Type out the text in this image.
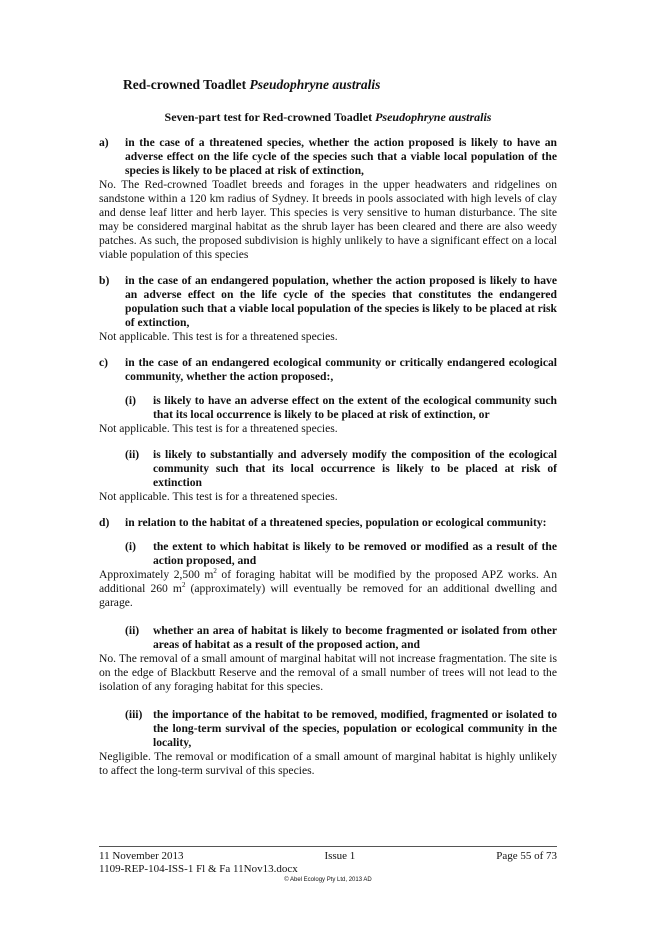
Red-crowned Toadlet Pseudophryne australis
Seven-part test for Red-crowned Toadlet Pseudophryne australis
a)	in the case of a threatened species, whether the action proposed is likely to have an adverse effect on the life cycle of the species such that a viable local population of the species is likely to be placed at risk of extinction,

No. The Red-crowned Toadlet breeds and forages in the upper headwaters and ridgelines on sandstone within a 120 km radius of Sydney. It breeds in pools associated with high levels of clay and dense leaf litter and herb layer. This species is very sensitive to human disturbance. The site may be considered marginal habitat as the shrub layer has been cleared and there are also weedy patches. As such, the proposed subdivision is highly unlikely to have a significant effect on a local viable population of this species

b)	in the case of an endangered population, whether the action proposed is likely to have an adverse effect on the life cycle of the species that constitutes the endangered population such that a viable local population of the species is likely to be placed at risk of extinction,

Not applicable. This test is for a threatened species.

c)	in the case of an endangered ecological community or critically endangered ecological community, whether the action proposed:,
(i)	is likely to have an adverse effect on the extent of the ecological community such that its local occurrence is likely to be placed at risk of extinction, or

Not applicable. This test is for a threatened species.

(ii)	is likely to substantially and adversely modify the composition of the ecological community such that its local occurrence is likely to be placed at risk of extinction

Not applicable. This test is for a threatened species.

d)	in relation to the habitat of a threatened species, population or ecological community:
(i)	the extent to which habitat is likely to be removed or modified as a result of the action proposed, and

Approximately 2,500 $m^2$ of foraging habitat will be modified by the proposed APZ works. An additional 260 $m^2$ (approximately) will eventually be removed for an additional dwelling and garage.

(ii)	whether an area of habitat is likely to become fragmented or isolated from other areas of habitat as a result of the proposed action, and

No. The removal of a small amount of marginal habitat will not increase fragmentation. The site is on the edge of Blackbutt Reserve and the removal of a small number of trees will not lead to the isolation of any foraging habitat for this species.

(iii) the importance of the habitat to be removed, modified, fragmented or isolated to the long-term survival of the species, population or ecological community in the locality,

Negligible. The removal or modification of a small amount of marginal habitat is highly unlikely to affect the long-term survival of this species.

11 November 2013	Issue 1	Page 55 of 73
1109-REP-104-ISS-1 Fl & Fa 11Nov13.docx
© Abel Ecology Pty Ltd, 2013 AD
